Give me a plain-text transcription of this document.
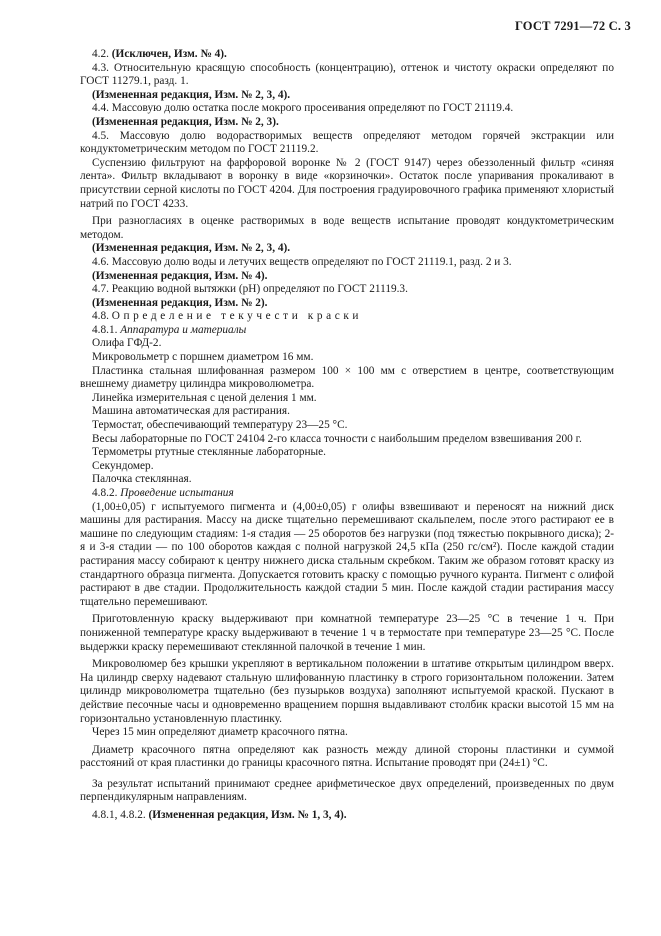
ГОСТ 7291—72 С. 3

4.2. (Исключен, Изм. № 4).

4.3. Относительную красящую способность (концентрацию), оттенок и чистоту окраски определяют по ГОСТ 11279.1, разд. 1.

(Измененная редакция, Изм. № 2, 3, 4).

4.4. Массовую долю остатка после мокрого просеивания определяют по ГОСТ 21119.4.

(Измененная редакция, Изм. № 2, 3).

4.5. Массовую долю водорастворимых веществ определяют методом горячей экстракции или кондуктометрическим методом по ГОСТ 21119.2.

Суспензию фильтруют на фарфоровой воронке № 2 (ГОСТ 9147) через обеззоленный фильтр «синяя лента». Фильтр вкладывают в воронку в виде «корзиночки». Остаток после упаривания прокаливают в присутствии серной кислоты по ГОСТ 4204. Для построения градуировочного графика применяют хлористый натрий по ГОСТ 4233.

При разногласиях в оценке растворимых в воде веществ испытание проводят кондуктометрическим методом.

(Измененная редакция, Изм. № 2, 3, 4).

4.6. Массовую долю воды и летучих веществ определяют по ГОСТ 21119.1, разд. 2 и 3.

(Измененная редакция, Изм. № 4).

4.7. Реакцию водной вытяжки (pH) определяют по ГОСТ 21119.3.

(Измененная редакция, Изм. № 2).

4.8. Определение текучести краски

4.8.1. Аппаратура и материалы

Олифа ГФД-2.

Микровольметр с поршнем диаметром 16 мм.

Пластинка стальная шлифованная размером 100 × 100 мм с отверстием в центре, соответствующим внешнему диаметру цилиндра микроволюметра.

Линейка измерительная с ценой деления 1 мм.

Машина автоматическая для растирания.

Термостат, обеспечивающий температуру 23—25 °С.

Весы лабораторные по ГОСТ 24104 2-го класса точности с наибольшим пределом взвешивания 200 г.

Термометры ртутные стеклянные лабораторные.

Секундомер.

Палочка стеклянная.

4.8.2. Проведение испытания

(1,00±0,05) г испытуемого пигмента и (4,00±0,05) г олифы взвешивают и переносят на нижний диск машины для растирания. Массу на диске тщательно перемешивают скальпелем, после этого растирают ее в машине по следующим стадиям: 1-я стадия — 25 оборотов без нагрузки (под тяжестью покрывного диска); 2-я и 3-я стадии — по 100 оборотов каждая с полной нагрузкой 24,5 кПа (250 гс/см²). После каждой стадии растирания массу собирают к центру нижнего диска стальным скребком. Таким же образом готовят краску из стандартного образца пигмента. Допускается готовить краску с помощью ручного куранта. Пигмент с олифой растирают в две стадии. Продолжительность каждой стадии 5 мин. После каждой стадии растирания массу тщательно перемешивают.

Приготовленную краску выдерживают при комнатной температуре 23—25 °С в течение 1 ч. При пониженной температуре краску выдерживают в течение 1 ч в термостате при температуре 23—25 °С. После выдержки краску перемешивают стеклянной палочкой в течение 1 мин.

Микроволюмер без крышки укрепляют в вертикальном положении в штативе открытым цилиндром вверх. На цилиндр сверху надевают стальную шлифованную пластинку в строго горизонтальном положении. Затем цилиндр микроволюметра тщательно (без пузырьков воздуха) заполняют испытуемой краской. Пускают в действие песочные часы и одновременно вращением поршня выдавливают столбик краски высотой 15 мм на горизонтально установленную пластинку.

Через 15 мин определяют диаметр красочного пятна.

Диаметр красочного пятна определяют как разность между длиной стороны пластинки и суммой расстояний от края пластинки до границы красочного пятна. Испытание проводят при (24±1) °С.

За результат испытаний принимают среднее арифметическое двух определений, произведенных по двум перпендикулярным направлениям.

4.8.1, 4.8.2. (Измененная редакция, Изм. № 1, 3, 4).
